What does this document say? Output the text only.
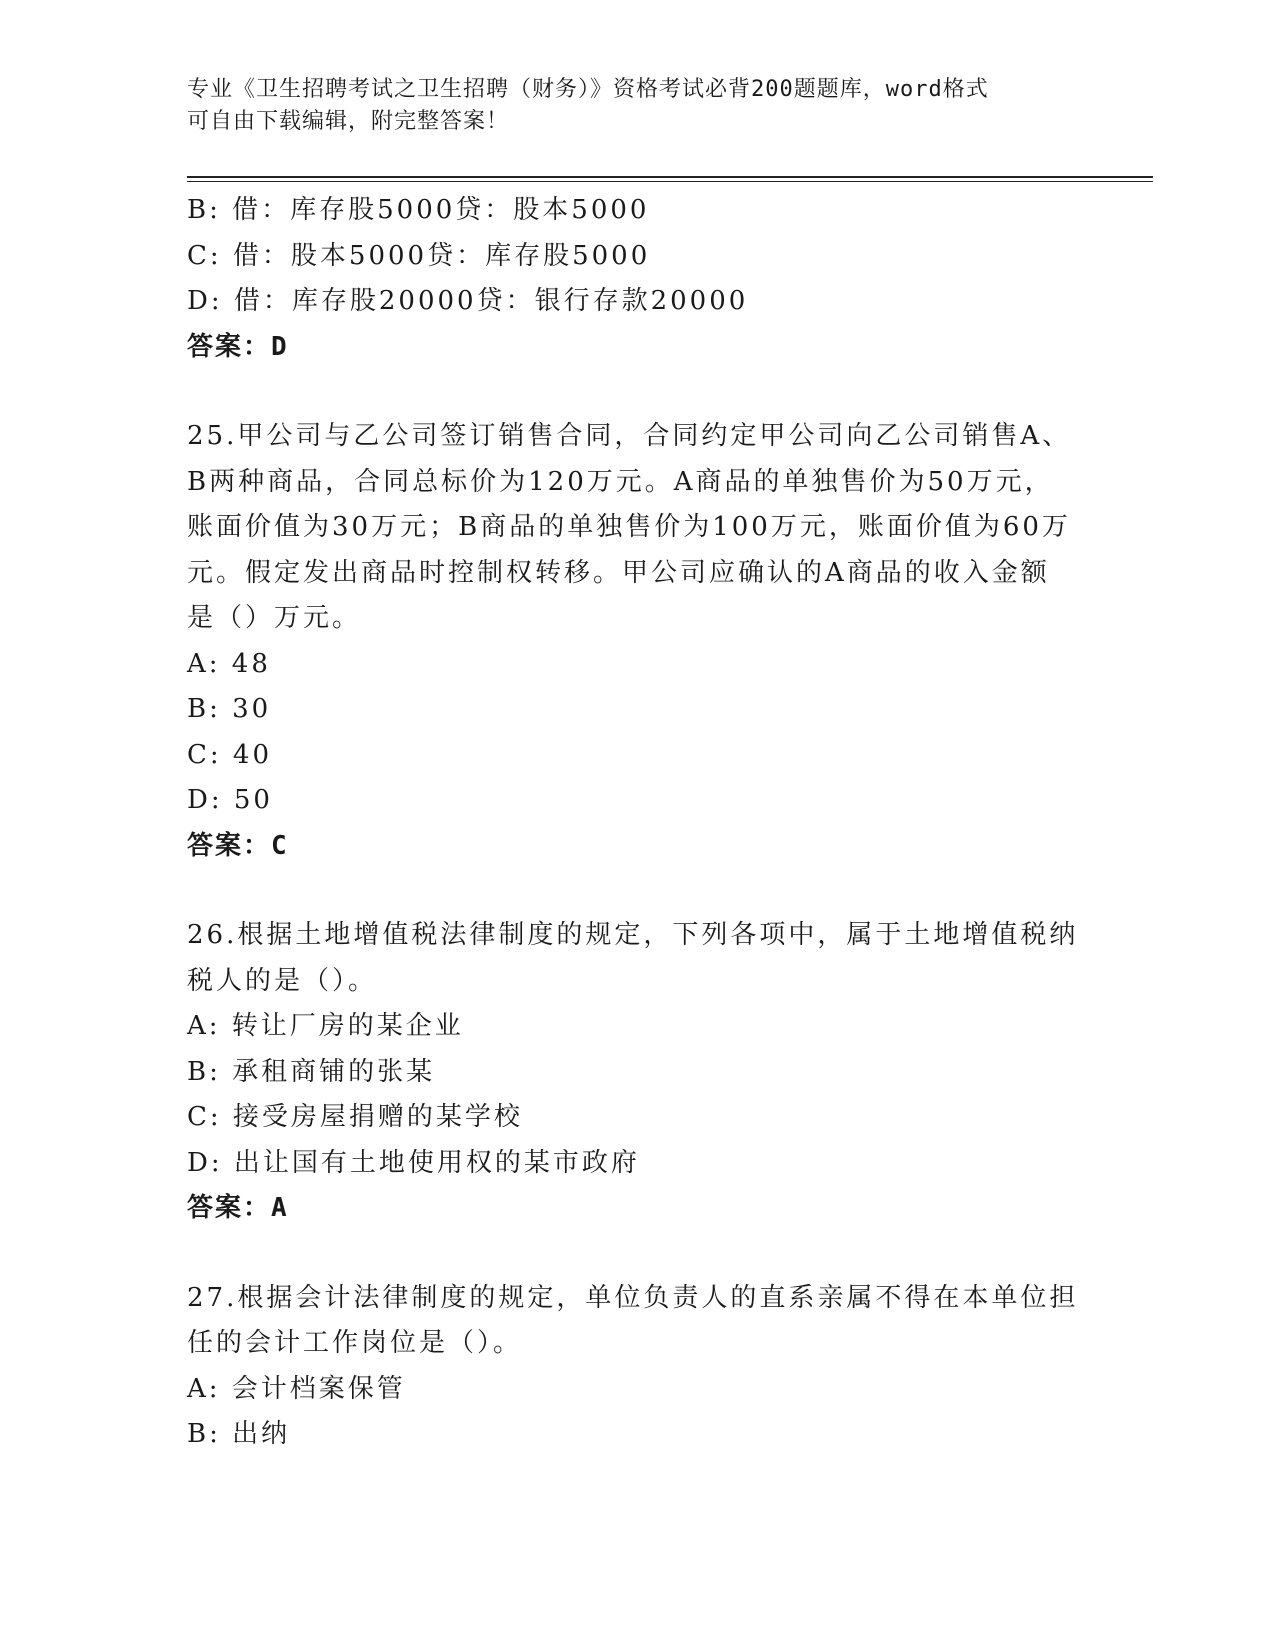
专业《卫生招聘考试之卫生招聘（财务）》资格考试必背200题题库，word格式
可自由下载编辑，附完整答案！
B: 借：库存股5000贷：股本5000
C: 借：股本5000贷：库存股5000
D: 借：库存股20000贷：银行存款20000
答案：D
25.甲公司与乙公司签订销售合同，合同约定甲公司向乙公司销售A、
B两种商品，合同总标价为120万元。A商品的单独售价为50万元，
账面价值为30万元；B商品的单独售价为100万元，账面价值为60万
元。假定发出商品时控制权转移。甲公司应确认的A商品的收入金额
是（）万元。
A: 48
B: 30
C: 40
D: 50
答案：C
26.根据土地增值税法律制度的规定，下列各项中，属于土地增值税纳
税人的是（）。
A: 转让厂房的某企业
B: 承租商铺的张某
C: 接受房屋捐赠的某学校
D: 出让国有土地使用权的某市政府
答案：A
27.根据会计法律制度的规定，单位负责人的直系亲属不得在本单位担
任的会计工作岗位是（）。
A: 会计档案保管
B: 出纳
